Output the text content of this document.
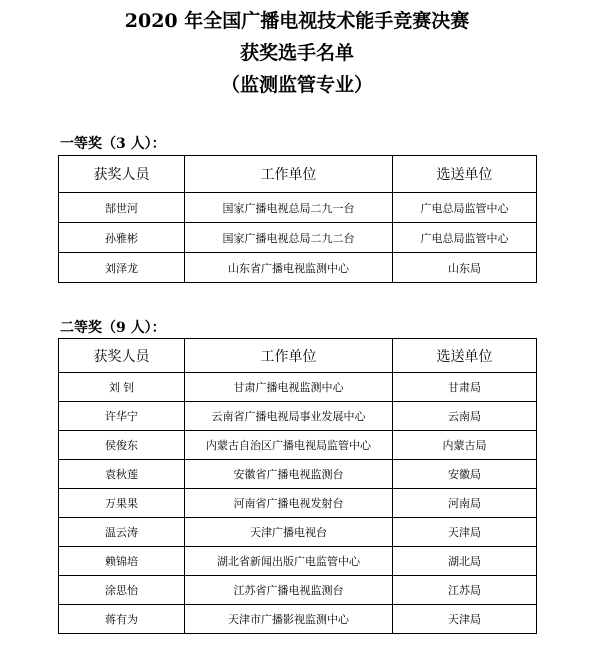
2020 年全国广播电视技术能手竞赛决赛
获奖选手名单
（监测监管专业）
一等奖（3 人）：
获奖人员	工作单位	选送单位
郜世河	国家广播电视总局二九一台	广电总局监管中心
孙雅彬	国家广播电视总局二九二台	广电总局监管中心
刘泽龙	山东省广播电视监测中心	山东局
二等奖（9 人）：
获奖人员	工作单位	选送单位
刘 钊	甘肃广播电视监测中心	甘肃局
许华宁	云南省广播电视局事业发展中心	云南局
侯俊东	内蒙古自治区广播电视局监管中心	内蒙古局
袁秋莲	安徽省广播电视监测台	安徽局
万果果	河南省广播电视发射台	河南局
温云涛	天津广播电视台	天津局
赖锦培	湖北省新闻出版广电监管中心	湖北局
涂思怡	江苏省广播电视监测台	江苏局
蒋有为	天津市广播影视监测中心	天津局
